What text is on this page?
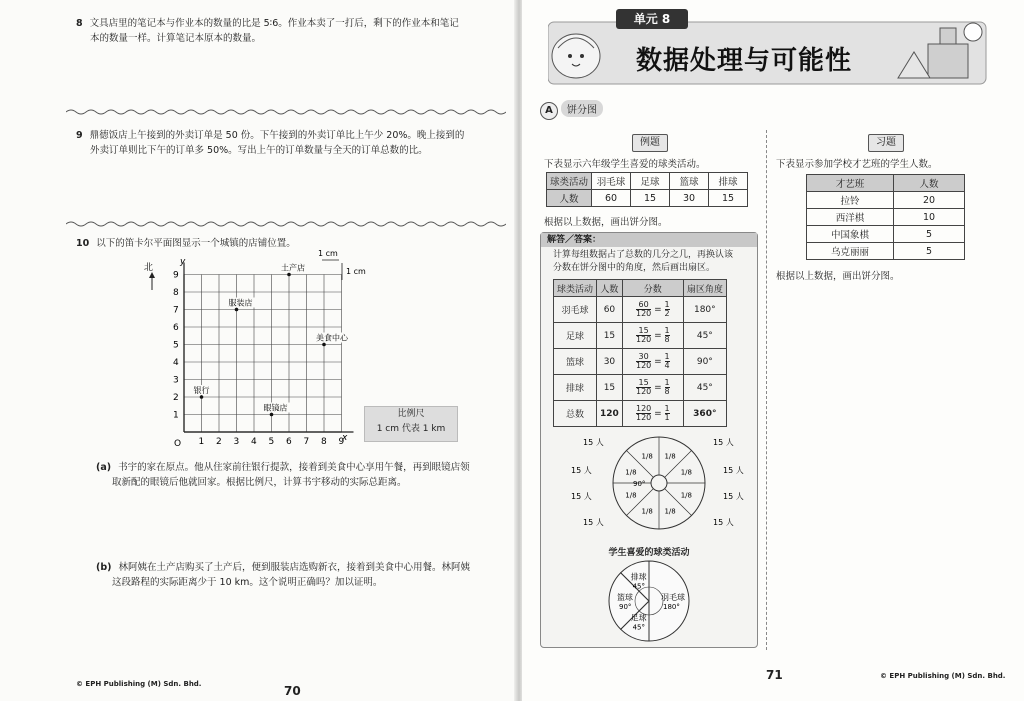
8 文具店里的笔记本与作业本的数量的比是 5∶6。作业本卖了一打后，剩下的作业本和笔记
本的数量一样。计算笔记本原本的数量。
9 鼎德饭店上午接到的外卖订单是 50 份。下午接到的外卖订单比上午少 20%。晚上接到的
外卖订单则比下午的订单多 50%。写出上午的订单数量与全天的订单总数的比。
10 以下的笛卡尔平面图显示一个城镇的店铺位置。
1 2 3 4 5 6 7 8 9
1
2
3
4
5
6
7
8
9
土产店
服装店
美食中心
银行
眼镜店
北
y
x
O
1 cm
1 cm
比例尺
1 cm 代表 1 km
(a) 书宇的家在原点。他从住家前往银行提款，接着到美食中心享用午餐，再到眼镜店领
取新配的眼镜后他就回家。根据比例尺，计算书宇移动的实际总距离。
(b) 林阿姨在土产店购买了土产后，便到服装店选购新衣，接着到美食中心用餐。林阿姨
这段路程的实际距离少于 10 km。这个说明正确吗？加以证明。
© EPH Publishing (M) Sdn. Bhd.	70
单元 8
数据处理与可能性
A 饼分图
例题	习题
下表显示六年级学生喜爱的球类活动。
球类活动	羽毛球	足球	篮球	排球
人数	60	15	30	15
根据以上数据，画出饼分图。
解答／答案：
计算每组数据占了总数的几分之几，再换认该
分数在饼分图中的角度，然后画出扇区。
球类活动	人数	分数	扇区角度
羽毛球	60	$\frac{60}{120} = \frac{1}{2}$	180°
足球	15	$\frac{15}{120} = \frac{1}{8}$	45°
篮球	30	$\frac{30}{120} = \frac{1}{4}$	90°
排球	15	$\frac{15}{120} = \frac{1}{8}$	45°
总数	120	$\frac{120}{120} = \frac{1}{1}$	360°
15 人	15 人
15 人	15 人
15 人	15 人
15 人	15 人
1/8
1/8
1/8
1/8
1/8
1/8 1/8
1/8
90°
学生喜爱的球类活动
羽毛球
180°
足球
45°
篮球
90°
排球
45°
下表显示参加学校才艺班的学生人数。
才艺班	人数
拉铃	20
西洋棋	10
中国象棋	5
乌克丽丽	5
根据以上数据，画出饼分图。
71	© EPH Publishing (M) Sdn. Bhd.
